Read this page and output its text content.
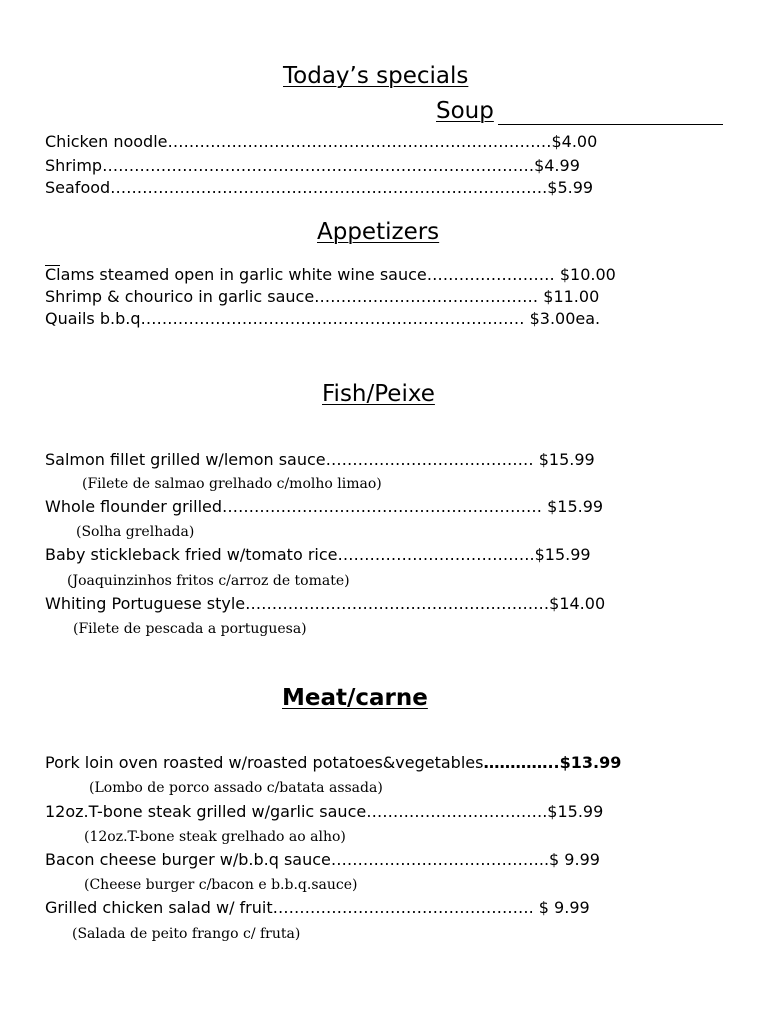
Today’s specials
Soup
Chicken noodle………………………………………………………………$4.00
Shrimp………………………………………………………………………$4.99
Seafood……………………………………………………………………….$5.99
Appetizers
Clams steamed open in garlic white wine sauce…………………… $10.00
Shrimp & chourico in garlic sauce…………………………………… $11.00
Quails b.b.q……………………………………………………………… $3.00ea.
Fish/Peixe
Salmon fillet grilled w/lemon sauce………………………………… $15.99
(Filete de salmao grelhado c/molho limao)
Whole flounder grilled…………………………………………………… $15.99
(Solha grelhada)
Baby stickleback fried w/tomato rice……………………………….$15.99
(Joaquinzinhos fritos c/arroz de tomate)
Whiting Portuguese style…………………………………………………$14.00
(Filete de pescada a portuguesa)
Meat/carne
Pork loin oven roasted w/roasted potatoes&vegetables…………..$13.99
(Lombo de porco assado c/batata assada)
12oz.T-bone steak grilled w/garlic sauce…………………………….$15.99
(12oz.T-bone steak grelhado ao alho)
Bacon cheese burger w/b.b.q sauce…………………………………..$ 9.99
(Cheese burger c/bacon e b.b.q.sauce)
Grilled chicken salad w/ fruit…………………………………………. $ 9.99
(Salada de peito frango c/ fruta)
